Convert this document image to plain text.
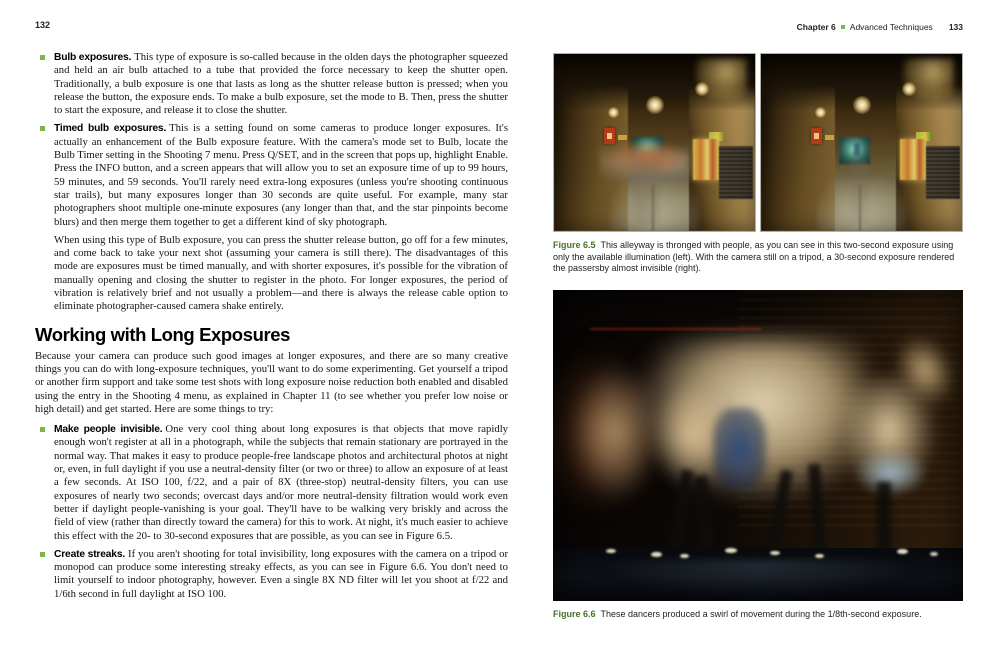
132
Bulb exposures. This type of exposure is so-called because in the olden days the photographer squeezed and held an air bulb attached to a tube that provided the force necessary to keep the shutter open. Traditionally, a bulb exposure is one that lasts as long as the shutter release button is pressed; when you release the button, the exposure ends. To make a bulb exposure, set the mode to B. Then, press the shutter to start the exposure, and release it to close the shutter.
Timed bulb exposures. This is a setting found on some cameras to produce longer exposures. It's actually an enhancement of the Bulb exposure feature. With the camera's mode set to Bulb, locate the Bulb Timer setting in the Shooting 7 menu. Press Q/SET, and in the screen that pops up, highlight Enable. Press the INFO button, and a screen appears that will allow you to set an exposure time of up to 99 hours, 59 minutes, and 59 seconds. You'll rarely need extra-long exposures (unless you're shooting continuous star trails), but many exposures longer than 30 seconds are quite useful. For example, many star photographers shoot multiple one-minute exposures (any longer than that, and the star pinpoints become blurs) and then merge them together to get a different kind of sky photograph.
When using this type of Bulb exposure, you can press the shutter release button, go off for a few minutes, and come back to take your next shot (assuming your camera is still there). The disadvantages of this mode are exposures must be timed manually, and with shorter exposures, it's possible for the vibration of manually opening and closing the shutter to register in the photo. For longer exposures, the period of vibration is relatively brief and not usually a problem—and there is always the release cable option to eliminate photographer-caused camera shake entirely.
Working with Long Exposures
Because your camera can produce such good images at longer exposures, and there are so many creative things you can do with long-exposure techniques, you'll want to do some experimenting. Get yourself a tripod or another firm support and take some test shots with long exposure noise reduction both enabled and disabled using the entry in the Shooting 4 menu, as explained in Chapter 11 (to see whether you prefer low noise or high detail) and get started. Here are some things to try:
Make people invisible. One very cool thing about long exposures is that objects that move rapidly enough won't register at all in a photograph, while the subjects that remain stationary are portrayed in the normal way. That makes it easy to produce people-free landscape photos and architectural photos at night or, even, in full daylight if you use a neutral-density filter (or two or three) to allow an exposure of at least a few seconds. At ISO 100, f/22, and a pair of 8X (three-stop) neutral-density filters, you can use exposures of nearly two seconds; overcast days and/or more neutral-density filtration would work even better if daylight people-vanishing is your goal. They'll have to be walking very briskly and across the field of view (rather than directly toward the camera) for this to work. At night, it's much easier to achieve this effect with the 20- to 30-second exposures that are possible, as you can see in Figure 6.5.
Create streaks. If you aren't shooting for total invisibility, long exposures with the camera on a tripod or monopod can produce some interesting streaky effects, as you can see in Figure 6.6. You don't need to limit yourself to indoor photography, however. Even a single 8X ND filter will let you shoot at f/22 and 1/6th second in full daylight at ISO 100.
Chapter 6 Advanced Techniques 133
Figure 6.5 This alleyway is thronged with people, as you can see in this two-second exposure using only the available illumination (left). With the camera still on a tripod, a 30-second exposure rendered the passersby almost invisible (right).
Figure 6.6 These dancers produced a swirl of movement during the 1/8th-second exposure.
